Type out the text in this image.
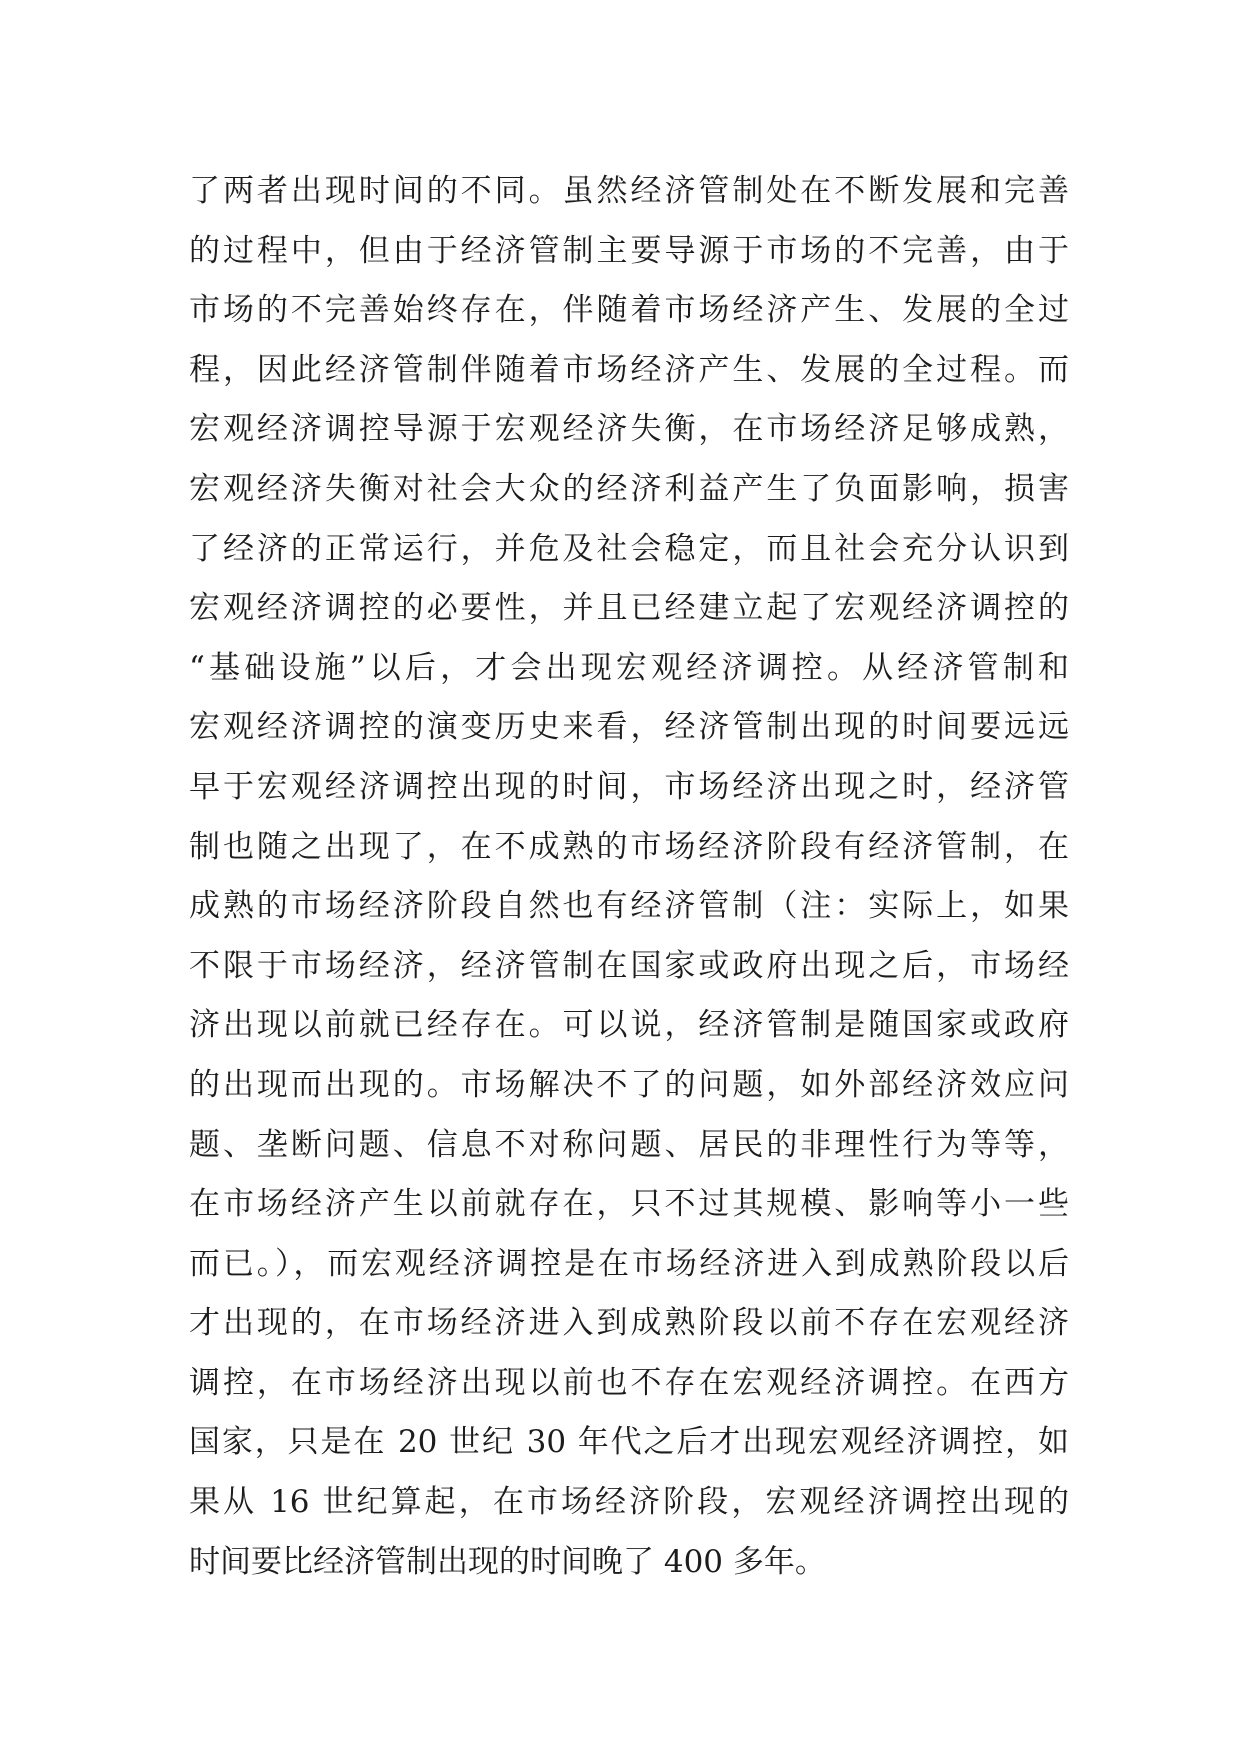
了两者出现时间的不同。虽然经济管制处在不断发展和完善
的过程中，但由于经济管制主要导源于市场的不完善，由于
市场的不完善始终存在，伴随着市场经济产生、发展的全过
程，因此经济管制伴随着市场经济产生、发展的全过程。而
宏观经济调控导源于宏观经济失衡，在市场经济足够成熟，
宏观经济失衡对社会大众的经济利益产生了负面影响，损害
了经济的正常运行，并危及社会稳定，而且社会充分认识到
宏观经济调控的必要性，并且已经建立起了宏观经济调控的
“基础设施”以后，才会出现宏观经济调控。从经济管制和
宏观经济调控的演变历史来看，经济管制出现的时间要远远
早于宏观经济调控出现的时间，市场经济出现之时，经济管
制也随之出现了，在不成熟的市场经济阶段有经济管制，在
成熟的市场经济阶段自然也有经济管制（注：实际上，如果
不限于市场经济，经济管制在国家或政府出现之后，市场经
济出现以前就已经存在。可以说，经济管制是随国家或政府
的出现而出现的。市场解决不了的问题，如外部经济效应问
题、垄断问题、信息不对称问题、居民的非理性行为等等，
在市场经济产生以前就存在，只不过其规模、影响等小一些
而已。），而宏观经济调控是在市场经济进入到成熟阶段以后
才出现的，在市场经济进入到成熟阶段以前不存在宏观经济
调控，在市场经济出现以前也不存在宏观经济调控。在西方
国家，只是在 20 世纪 30 年代之后才出现宏观经济调控，如
果从 16 世纪算起，在市场经济阶段，宏观经济调控出现的
时间要比经济管制出现的时间晚了 400 多年。
